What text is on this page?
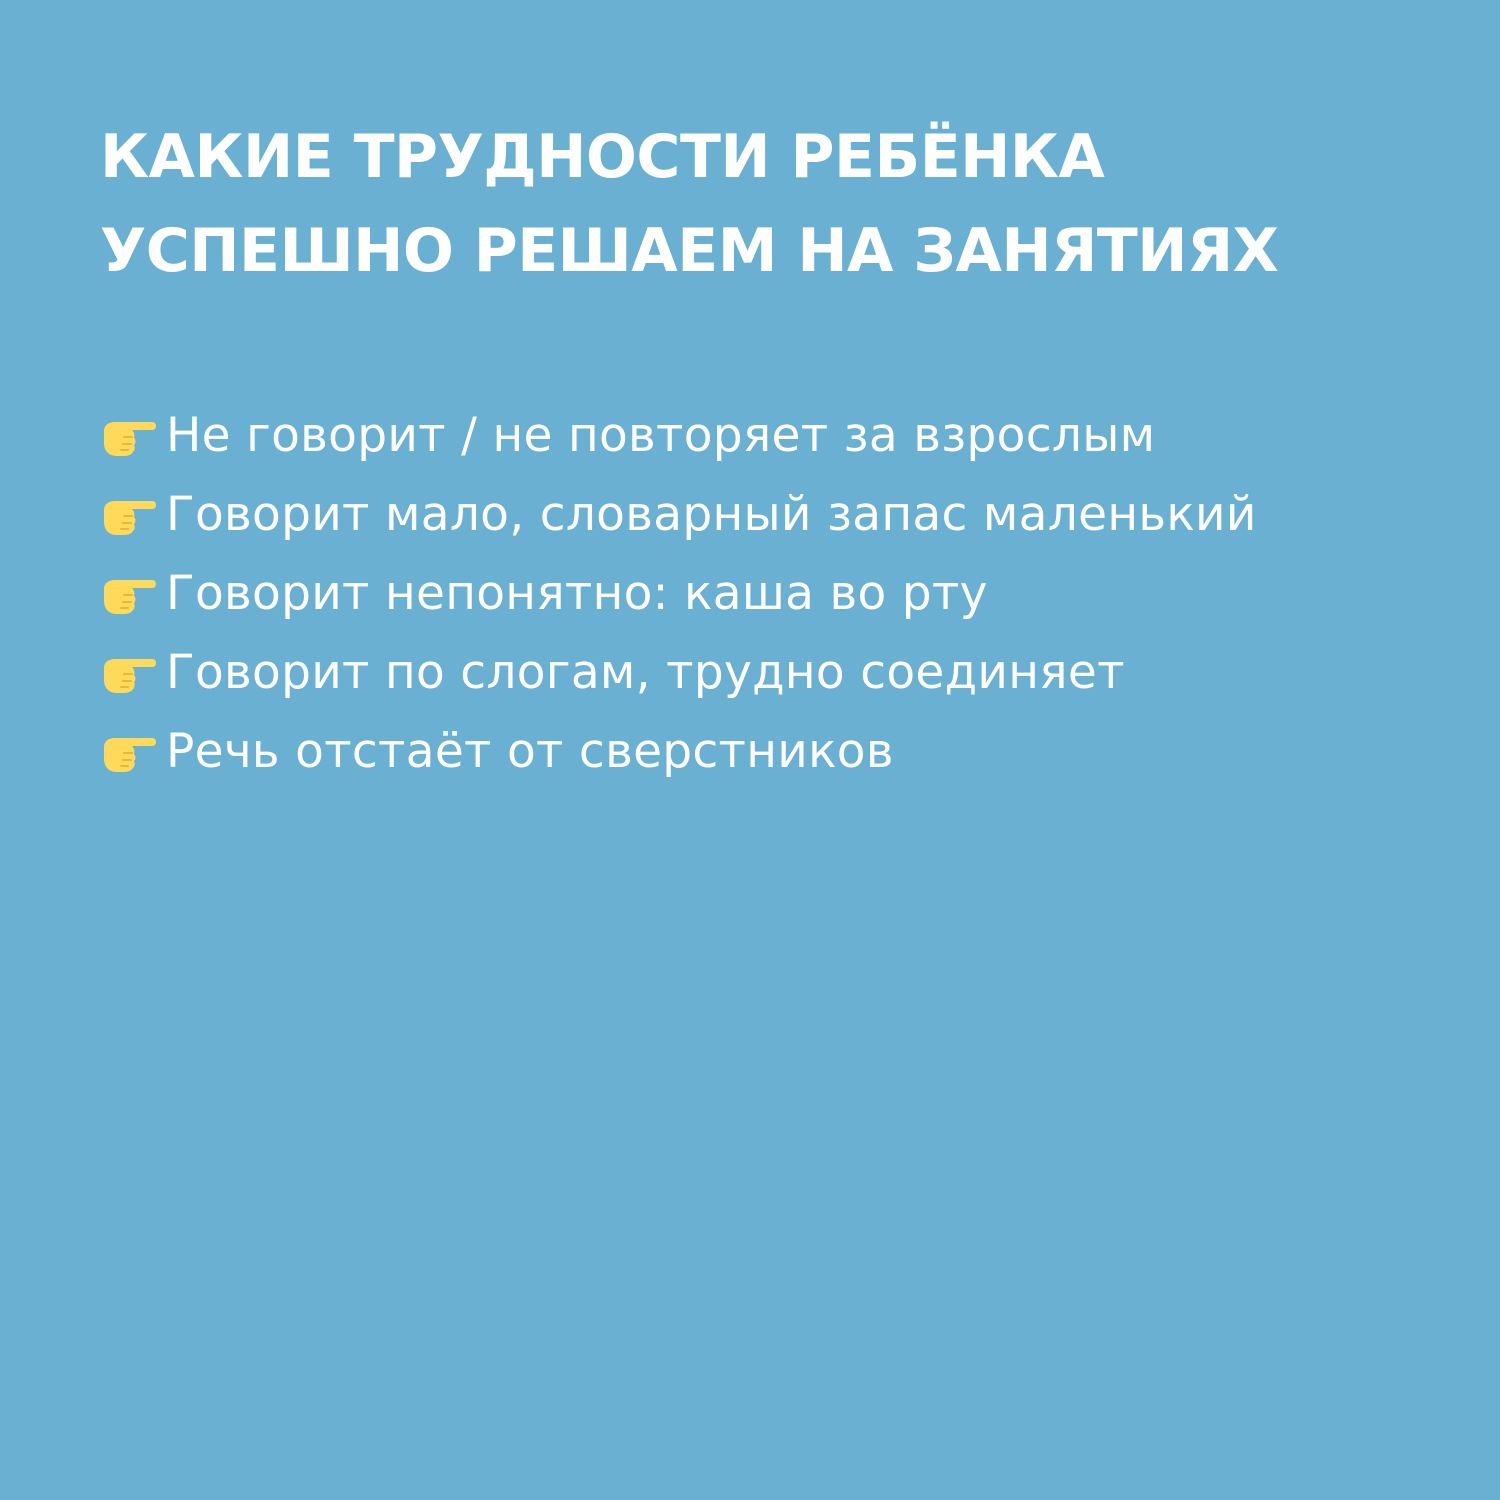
КАКИЕ ТРУДНОСТИ РЕБЁНКА УСПЕШНО РЕШАЕМ НА ЗАНЯТИЯХ
Не говорит / не повторяет за взрослым
Говорит мало, словарный запас маленький
Говорит непонятно: каша во рту
Говорит по слогам, трудно соединяет
Речь отстаёт от сверстников
